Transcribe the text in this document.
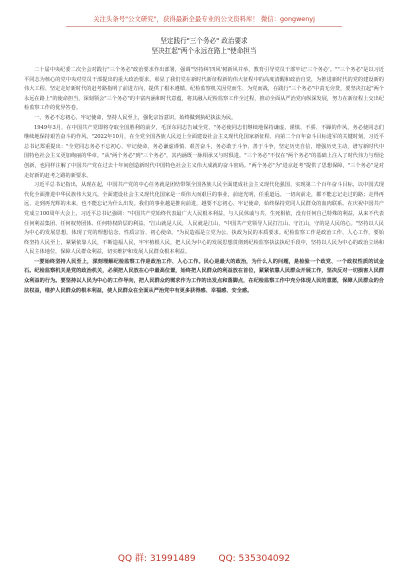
关注头条号"公文研究"，获得最新全最专业的公文资料库！ 微信：gongwenyj
坚定践行"三个务必" 政治要求
坚决扛起"两个永远在路上"使命担当

二十届中央纪委二次全会对践行"三个务必"政治要求作出部署，强调"坚持纠'四风'树新风并举，教育引导党员干部牢记'三个务必'。""三个务必"是以习近平同志为核心的党中央对党员干部提出的重大政治要求，彰显了我们党在新时代新征程新的伟大征程中的高度清醒和政治自觉，为推进新时代的党的建设新的伟大工程、坚定走好新时代的赶考路指明了前进方向，提供了根本遵循。纪检监察机关因党而生、为党而战，在践行"三个务必"中责无旁贷，要坚决扛起"两个永远在路上"的使命担当，深刻领会"三个务必"的丰富内涵和时代意蕴，将其融入纪检监察工作全过程，推动全面从严治党向纵深发展，努力在新征程上交出纪检监察工作的优异答卷。

一、务必不忘初心、牢记使命，坚持人民至上，强化宗旨意识，始终做到执纪执法为民。

1949年3月，在中国共产党即将夺取全国胜利的前夕，毛泽东同志告诫全党，"务必使同志们继续地保持谦虚、谨慎、不骄、不躁的作风，务必使同志们继续地保持艰苦奋斗的作风。"2022年10月，在全党全国各族人民迈上全面建设社会主义现代化国家新征程、向第二个百年奋斗目标进军的关键时刻，习近平总书记郑重提出："全党同志务必不忘初心、牢记使命，务必谦虚谨慎、艰苦奋斗，务必敢于斗争、善于斗争，坚定历史自信，增强历史主动，谱写新时代中国特色社会主义更加绚丽的华章。"从"两个务必"到"三个务必"，其内涵既一脉相承又与时俱进。"三个务必"不仅在"两个务必"的基础上注入了时代伟力与理论创新，也同样注解了中国共产党在过去十年间创造新时代中国特色社会主义伟大成就的奋斗密码。"两个务必"为"进京赶考"提供了思想保障，"三个务必"是对走好新的赶考之路的新要求。

习近平总书记指出，从现在起，中国共产党的中心任务就是团结带领全国各族人民全面建成社会主义现代化强国、实现第二个百年奋斗目标，以中国式现代化全面推进中华民族伟大复兴。全面建设社会主义现代化国家是一项伟大而艰巨的事业，前途光明，任重道远。一切向前走，都不能忘记走过的路；走得再远、走到再光辉的未来，也不能忘记为什么出发。我们的事业越是推向前进，越要不忘初心、牢记使命，始终保持党同人民群众的血肉联系。在庆祝中国共产党成立100周年大会上，习近平总书记强调："中国共产党始终代表最广大人民根本利益，与人民休戚与共、生死相依，没有任何自己特殊的利益，从来不代表任何利益集团、任何权势团体、任何特权阶层的利益。"江山就是人民，人民就是江山，"中国共产党领导人民打江山、守江山，守的是人民的心。"坚持以人民为中心的发展思想，体现了党的理想信念、性质宗旨、初心使命。"为民造福是立党为公、执政为民的本质要求。纪检监察工作是政治工作、人心工作，要始终坚持人民至上，紧紧依靠人民，不断造福人民，牢牢植根人民，把人民为中心的发展思想贯彻到纪检监察执法执纪手段中，坚持以人民为中心的政治立场和人民主体地位，保障人民群众利益，切实维护和发展人民群众根本利益。

一要始终坚持人民至上，深刻理解纪检监察工作是政治工作、人心工作。民心是最大的政治，为什么人的问题，是检验一个政党、一个政权性质的试金石。纪检监察机关是党的政治机关，必须把人民放在心中最高位置，始终把人民群众的利益放在首位，紧紧依靠人民群众开展工作，坚决反对一切损害人民群众利益的行为。要坚持以人民为中心的工作导向，把人民群众的需求作为工作的出发点和落脚点，在纪检监察工作中充分体现人民的意愿，保障人民群众的合法权益，维护人民群众的根本利益，使人民群众在全面从严治党中有更多获得感、幸福感、安全感。

QQ 群: 31991489	QQ: 535304092
